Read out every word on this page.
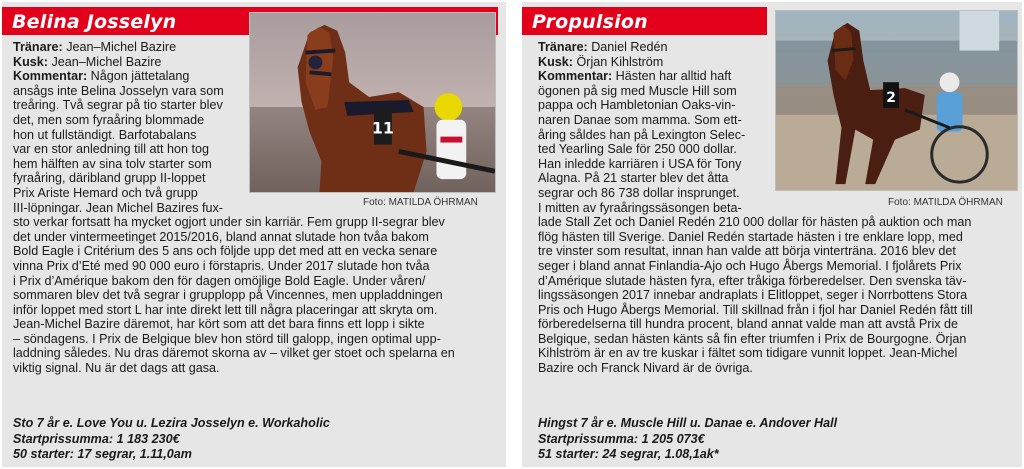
Belina Josselyn
11
Foto: MATILDA ÖHRMAN
Tränare: Jean–Michel Bazire
Kusk: Jean–Michel Bazire
Kommentar: Någon jättetalang
ansågs inte Belina Josselyn vara som
treåring. Två segrar på tio starter blev
det, men som fyraåring blommade
hon ut fullständigt. Barfotabalans
var en stor anledning till att hon tog
hem hälften av sina tolv starter som
fyraåring, däribland grupp II-loppet
Prix Ariste Hemard och två grupp
III-löpningar. Jean Michel Bazires fux-
sto verkar fortsatt ha mycket ogjort under sin karriär. Fem grupp II-segrar blev
det under vintermeetinget 2015/2016, bland annat slutade hon tvåa bakom
Bold Eagle i Critérium des 5 ans och följde upp det med att en vecka senare
vinna Prix d’Eté med 90 000 euro i förstapris. Under 2017 slutade hon tvåa
i Prix d’Amérique bakom den för dagen omöjlige Bold Eagle. Under våren/
sommaren blev det två segrar i grupplopp på Vincennes, men uppladdningen
inför loppet med stort L har inte direkt lett till några placeringar att skryta om.
Jean-Michel Bazire däremot, har kört som att det bara finns ett lopp i sikte
– söndagens. I Prix de Belgique blev hon störd till galopp, ingen optimal upp-
laddning således. Nu dras däremot skorna av – vilket ger stoet och spelarna en
viktig signal. Nu är det dags att gasa.
Sto 7 år e. Love You u. Lezira Josselyn e. Workaholic
Startprissumma: 1 183 230€
50 starter: 17 segrar, 1.11,0am
Propulsion
2
Foto: MATILDA ÖHRMAN
Tränare: Daniel Redén
Kusk: Örjan Kihlström
Kommentar: Hästen har alltid haft
ögonen på sig med Muscle Hill som
pappa och Hambletonian Oaks-vin-
naren Danae som mamma. Som ett-
åring såldes han på Lexington Selec-
ted Yearling Sale för 250 000 dollar.
Han inledde karriären i USA för Tony
Alagna. På 21 starter blev det åtta
segrar och 86 738 dollar insprunget.
I mitten av fyraåringssäsongen beta-
lade Stall Zet och Daniel Redén 210 000 dollar för hästen på auktion och man
flög hästen till Sverige. Daniel Redén startade hästen i tre enklare lopp, med
tre vinster som resultat, innan han valde att börja vinterträna. 2016 blev det
seger i bland annat Finlandia-Ajo och Hugo Åbergs Memorial. I fjolårets Prix
d’Amérique slutade hästen fyra, efter tråkiga förberedelser. Den svenska täv-
lingssäsongen 2017 innebar andraplats i Elitloppet, seger i Norrbottens Stora
Pris och Hugo Åbergs Memorial. Till skillnad från i fjol har Daniel Redén fått till
förberedelserna till hundra procent, bland annat valde man att avstå Prix de
Belgique, sedan hästen känts så fin efter triumfen i Prix de Bourgogne. Örjan
Kihlström är en av tre kuskar i fältet som tidigare vunnit loppet. Jean-Michel
Bazire och Franck Nivard är de övriga.
Hingst 7 år e. Muscle Hill u. Danae e. Andover Hall
Startprissumma: 1 205 073€
51 starter: 24 segrar, 1.08,1ak*
